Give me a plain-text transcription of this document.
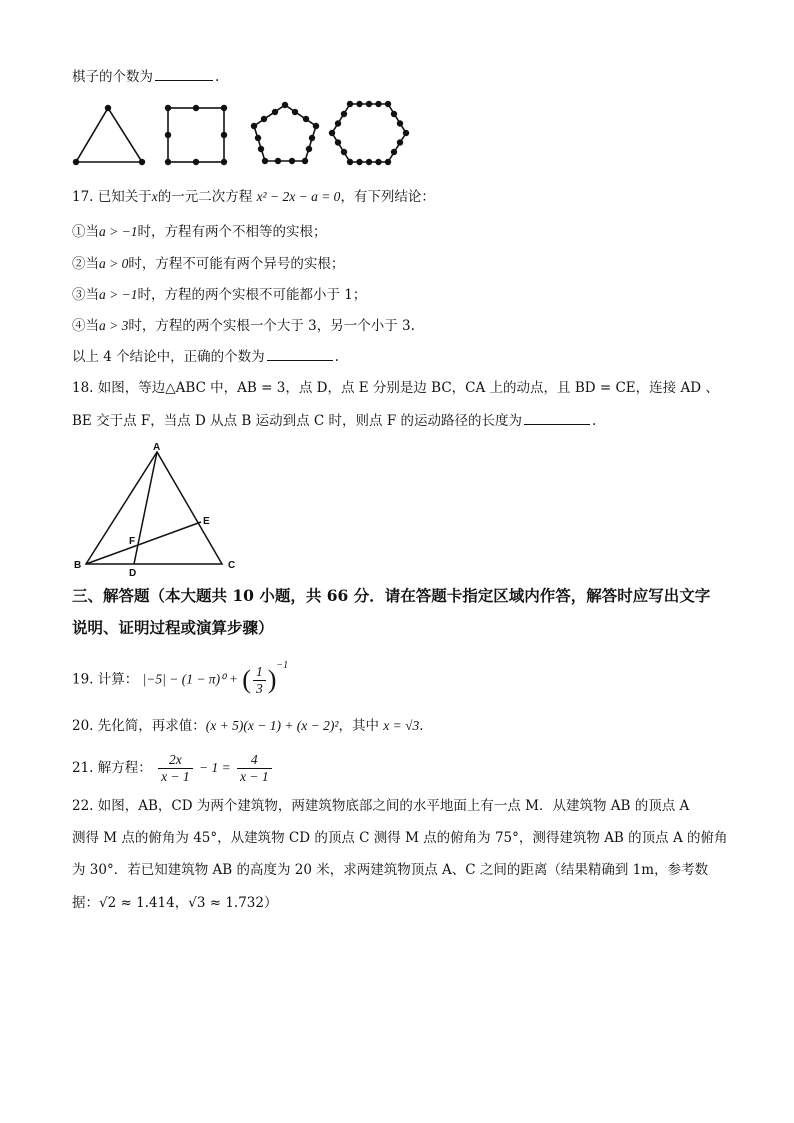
棋子的个数为	.
17. 已知关于x的一元二次方程 x² − 2x − a = 0，有下列结论：
①当a > −1时，方程有两个不相等的实根；
②当a > 0时，方程不可能有两个异号的实根；
③当a > −1时，方程的两个实根不可能都小于 1；
④当a > 3时，方程的两个实根一个大于 3，另一个小于 3.
以上 4 个结论中，正确的个数为	.
18. 如图，等边△ABC 中，AB = 3，点 D，点 E 分别是边 BC，CA 上的动点，且 BD = CE，连接 AD 、
BE 交于点 F，当点 D 从点 B 运动到点 C 时，则点 F 的运动路径的长度为	.
A
B	C
D
E
F
三、解答题（本大题共 10 小题，共 66 分．请在答题卡指定区域内作答，解答时应写出文字
说明、证明过程或演算步骤）
19. 计算： |−5| − (1 − π)⁰ + ( $\frac{1}{3} )^{-1}$
20. 先化简，再求值：(x + 5)(x − 1) + (x − 2)²，其中 x = √3.
21. 解方程： $\frac{2x}{x - 1} - 1 = \frac{4}{x - 1}$
22. 如图，AB，CD 为两个建筑物，两建筑物底部之间的水平地面上有一点 M．从建筑物 AB 的顶点 A
测得 M 点的俯角为 45°，从建筑物 CD 的顶点 C 测得 M 点的俯角为 75°，测得建筑物 AB 的顶点 A 的俯角
为 30°．若已知建筑物 AB 的高度为 20 米，求两建筑物顶点 A、C 之间的距离（结果精确到 1m，参考数
据：√2 ≈ 1.414，√3 ≈ 1.732）
